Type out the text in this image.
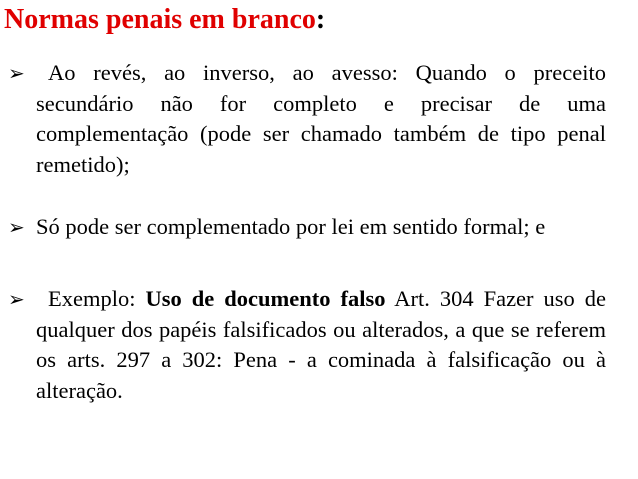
Normas penais em branco:
➢	Ao revés, ao inverso, ao avesso: Quando o preceito secundário não for completo e precisar de uma complementação (pode ser chamado também de tipo penal remetido);
➢ Só pode ser complementado por lei em sentido formal; e
➢	Exemplo: Uso de documento falso Art. 304 Fazer uso de qualquer dos papéis falsificados ou alterados, a que se referem os arts. 297 a 302: Pena - a cominada à falsificação ou à alteração.
